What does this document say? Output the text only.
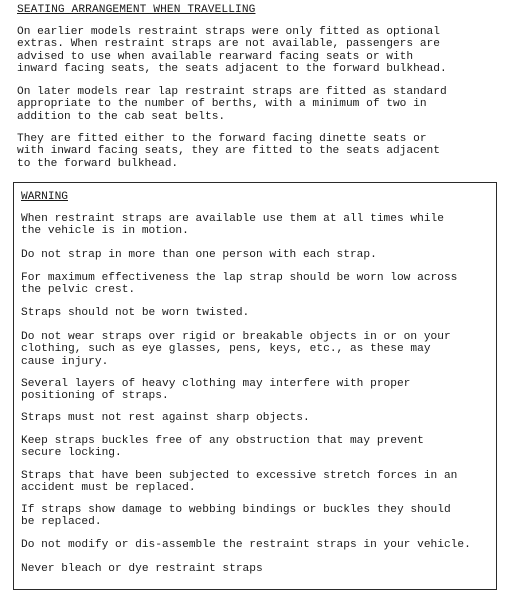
SEATING ARRANGEMENT WHEN TRAVELLING

On earlier models restraint straps were only fitted as optional
extras. When restraint straps are not available, passengers are
advised to use when available rearward facing seats or with
inward facing seats, the seats adjacent to the forward bulkhead.

On later models rear lap restraint straps are fitted as standard
appropriate to the number of berths, with a minimum of two in
addition to the cab seat belts.

They are fitted either to the forward facing dinette seats or
with inward facing seats, they are fitted to the seats adjacent
to the forward bulkhead.

WARNING

When restraint straps are available use them at all times while
the vehicle is in motion.

Do not strap in more than one person with each strap.

For maximum effectiveness the lap strap should be worn low across
the pelvic crest.

Straps should not be worn twisted.

Do not wear straps over rigid or breakable objects in or on your
clothing, such as eye glasses, pens, keys, etc., as these may
cause injury.

Several layers of heavy clothing may interfere with proper
positioning of straps.

Straps must not rest against sharp objects.

Keep straps buckles free of any obstruction that may prevent
secure locking.

Straps that have been subjected to excessive stretch forces in an
accident must be replaced.

If straps show damage to webbing bindings or buckles they should
be replaced.

Do not modify or dis-assemble the restraint straps in your vehicle.

Never bleach or dye restraint straps
